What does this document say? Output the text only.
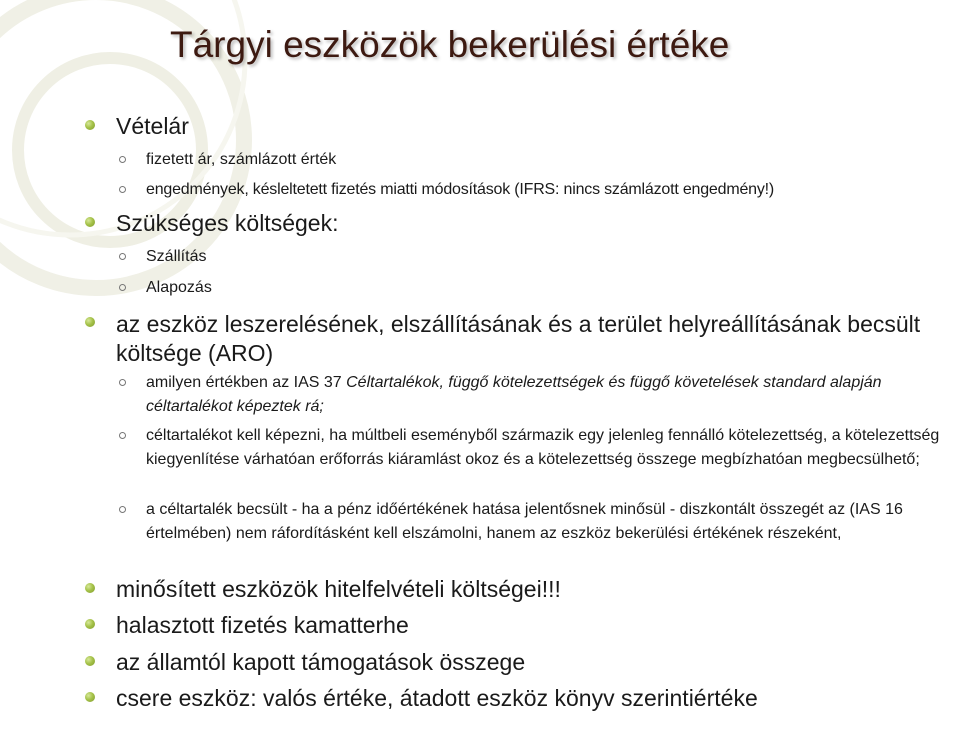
Tárgyi eszközök bekerülési értéke
Vételár
fizetett ár, számlázott érték
engedmények, késleltetett fizetés miatti módosítások (IFRS: nincs számlázott engedmény!)
Szükséges költségek:
Szállítás
Alapozás
az eszköz leszerelésének, elszállításának és a terület helyreállításának becsült költsége (ARO)
amilyen értékben az IAS 37 Céltartalékok, függő kötelezettségek és függő követelések standard alapján céltartalékot képeztek rá;
céltartalékot kell képezni, ha múltbeli eseményből származik egy jelenleg fennálló kötelezettség, a kötelezettség kiegyenlítése várhatóan erőforrás kiáramlást okoz és a kötelezettség összege megbízhatóan megbecsülhető;
a céltartalék becsült - ha a pénz időértékének hatása jelentősnek minősül - diszkontált összegét az (IAS 16 értelmében) nem ráfordításként kell elszámolni, hanem az eszköz bekerülési értékének részeként,
minősített eszközök hitelfelvételi költségei!!!
halasztott fizetés kamatterhe
az államtól kapott támogatások összege
csere eszköz: valós értéke, átadott eszköz könyv szerintiértéke
